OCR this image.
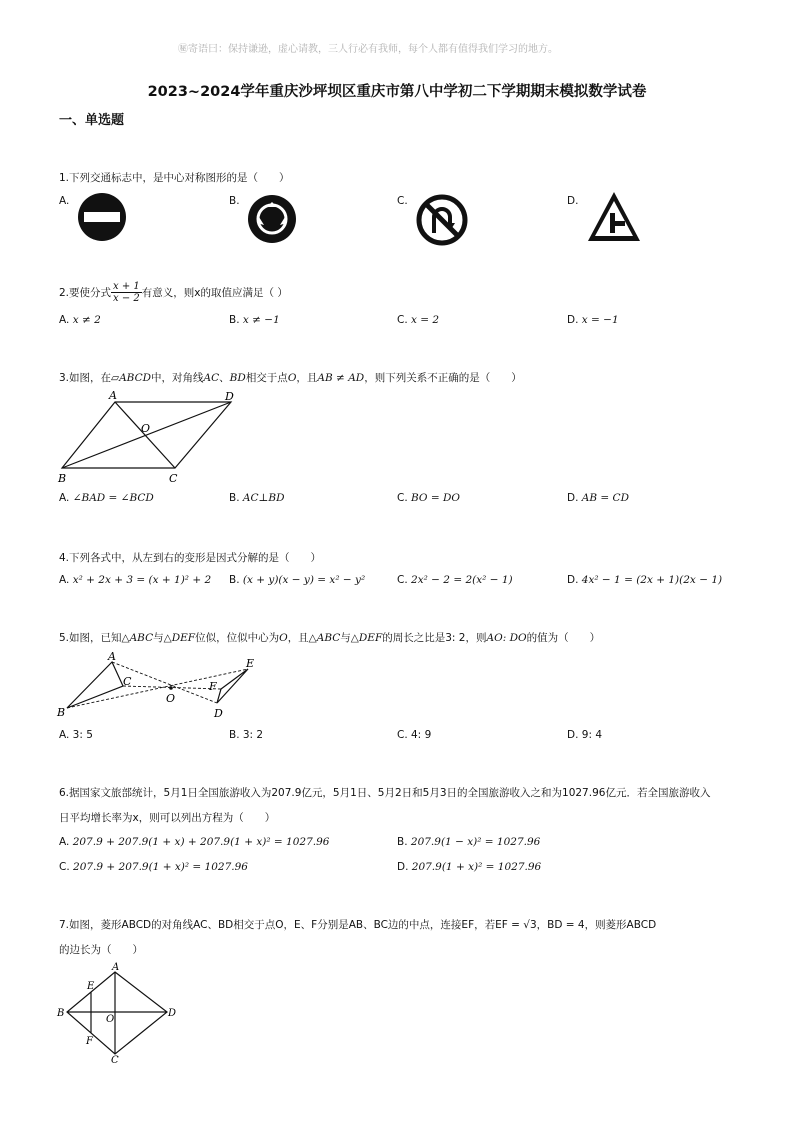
㊙寄语曰：保持谦逊，虚心请教，三人行必有我师，每个人都有值得我们学习的地方。
2023~2024学年重庆沙坪坝区重庆市第八中学初二下学期期末模拟数学试卷
一、单选题
1.下列交通标志中，是中心对称图形的是（　　）
A.	B.	C.	D.
2.要使分式 $\frac{x + 1}{x - 2}$ 有意义，则x的取值应满足（ ）
A. x ≠ 2	B. x ≠ −1	C. x = 2	D. x = −1
3.如图，在▱ABCD中，对角线AC、BD相交于点O，且AB ≠ AD，则下列关系不正确的是（　　）
A	D
O
B	C
A. ∠BAD = ∠BCD	B. AC⊥BD	C. BO = DO	D. AB = CD
4.下列各式中，从左到右的变形是因式分解的是（　　）
A. x² + 2x + 3 = (x + 1)² + 2 B. (x + y)(x − y) = x² − y²	C. 2x² − 2 = 2(x² − 1)	D. 4x² − 1 = (2x + 1)(2x − 1)
5.如图，已知△ABC与△DEF位似，位似中心为O，且△ABC与△DEF的周长之比是3: 2，则AO: DO的值为（　　）
A
C
O
B
E
F
D
A. 3: 5	B. 3: 2	C. 4: 9	D. 9: 4
6.据国家文旅部统计，5月1日全国旅游收入为207.9亿元，5月1日、5月2日和5月3日的全国旅游收入之和为1027.96亿元．若全国旅游收入
日平均增长率为x，则可以列出方程为（　　）
A. 207.9 + 207.9(1 + x) + 207.9(1 + x)² = 1027.96	B. 207.9(1 − x)² = 1027.96
C. 207.9 + 207.9(1 + x)² = 1027.96	D. 207.9(1 + x)² = 1027.96
7.如图，菱形ABCD的对角线AC、BD相交于点O，E、F分别是AB、BC边的中点，连接EF，若EF = √3，BD = 4，则菱形ABCD
的边长为（　　）
A
E
B
O
D
F
C
